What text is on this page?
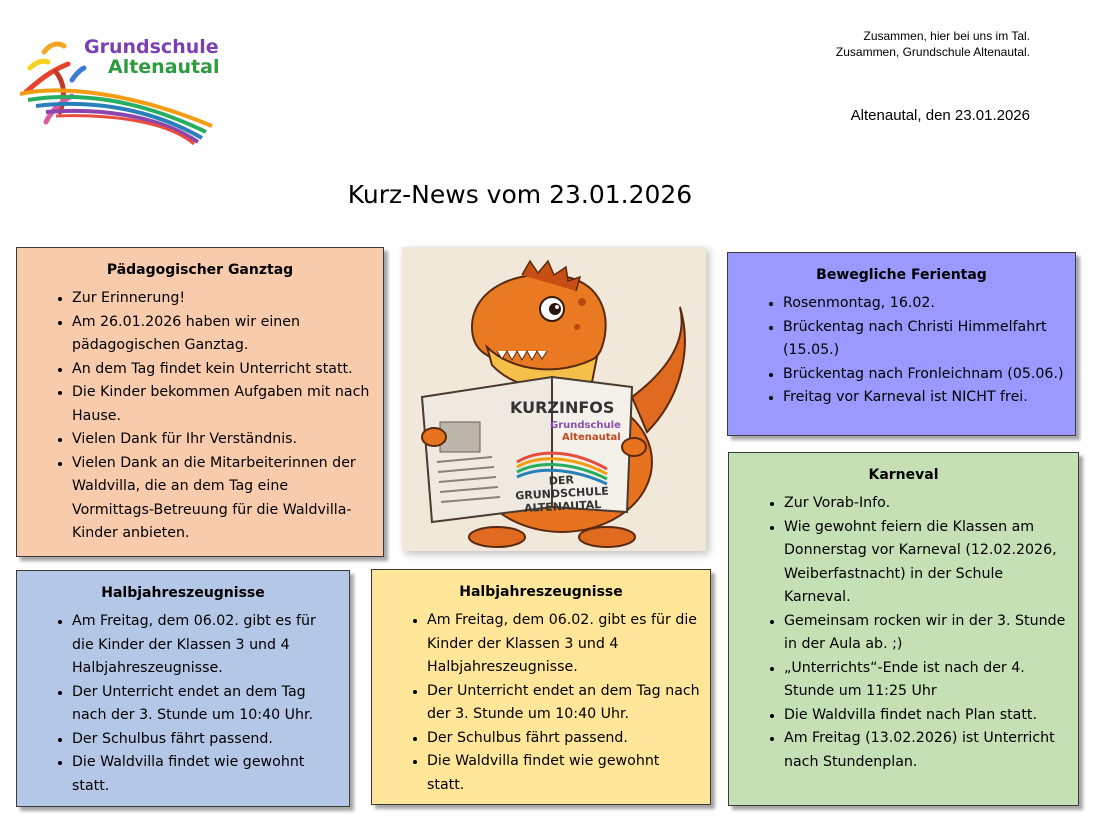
Grundschule
Altenautal
Zusammen, hier bei uns im Tal.
Zusammen, Grundschule Altenautal.
Altenautal, den 23.01.2026
Kurz-News vom 23.01.2026
Pädagogischer Ganztag
• Zur Erinnerung!
• Am 26.01.2026 haben wir einen pädagogischen Ganztag.
• An dem Tag findet kein Unterricht statt.
• Die Kinder bekommen Aufgaben mit nach Hause.
• Vielen Dank für Ihr Verständnis.
• Vielen Dank an die Mitarbeiterinnen der Waldvilla, die an dem Tag eine Vormittags-Betreuung für die Waldvilla-Kinder anbieten.
KURZINFOS
Grundschule
Altenautal
DER GRUNDSCHULE ALTENAUTAL
Bewegliche Ferientag
• Rosenmontag, 16.02.
• Brückentag nach Christi Himmelfahrt (15.05.)
• Brückentag nach Fronleichnam (05.06.)
• Freitag vor Karneval ist NICHT frei.
Karneval
• Zur Vorab-Info.
• Wie gewohnt feiern die Klassen am Donnerstag vor Karneval (12.02.2026, Weiberfastnacht) in der Schule Karneval.
• Gemeinsam rocken wir in der 3. Stunde in der Aula ab. ;)
• „Unterrichts“-Ende ist nach der 4. Stunde um 11:25 Uhr
• Die Waldvilla findet nach Plan statt.
• Am Freitag (13.02.2026) ist Unterricht nach Stundenplan.
Halbjahreszeugnisse
• Am Freitag, dem 06.02. gibt es für die Kinder der Klassen 3 und 4 Halbjahreszeugnisse.
• Der Unterricht endet an dem Tag nach der 3. Stunde um 10:40 Uhr.
• Der Schulbus fährt passend.
• Die Waldvilla findet wie gewohnt statt.
Halbjahreszeugnisse
• Am Freitag, dem 06.02. gibt es für die Kinder der Klassen 3 und 4 Halbjahreszeugnisse.
• Der Unterricht endet an dem Tag nach der 3. Stunde um 10:40 Uhr.
• Der Schulbus fährt passend.
• Die Waldvilla findet wie gewohnt statt.
